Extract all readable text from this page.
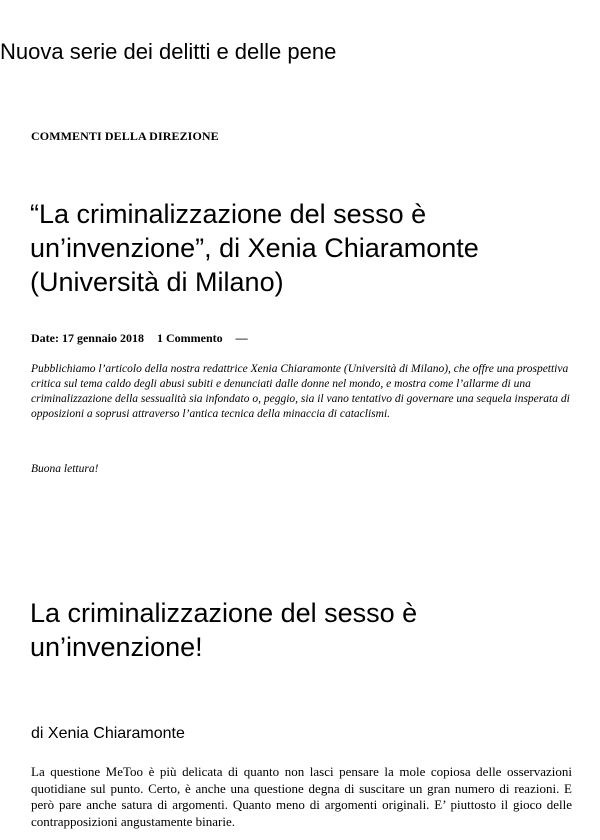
Nuova serie dei delitti e delle pene
COMMENTI DELLA DIREZIONE
“La criminalizzazione del sesso è un’invenzione”, di Xenia Chiaramonte (Università di Milano)
Date: 17 gennaio 2018 1 Commento —

Pubblichiamo l’articolo della nostra redattrice Xenia Chiaramonte (Università di Milano), che offre una prospettiva critica sul tema caldo degli abusi subiti e denunciati dalle donne nel mondo, e mostra come l’allarme di una criminalizzazione della sessualità sia infondato o, peggio, sia il vano tentativo di governare una sequela insperata di opposizioni a soprusi attraverso l’antica tecnica della minaccia di cataclismi.

Buona lettura!

La criminalizzazione del sesso è un’invenzione!
di Xenia Chiaramonte

La questione MeToo è più delicata di quanto non lasci pensare la mole copiosa delle osservazioni quotidiane sul punto. Certo, è anche una questione degna di suscitare un gran numero di reazioni. E però pare anche satura di argomenti. Quanto meno di argomenti originali. E’ piuttosto il gioco delle contrapposizioni angustamente binarie.
